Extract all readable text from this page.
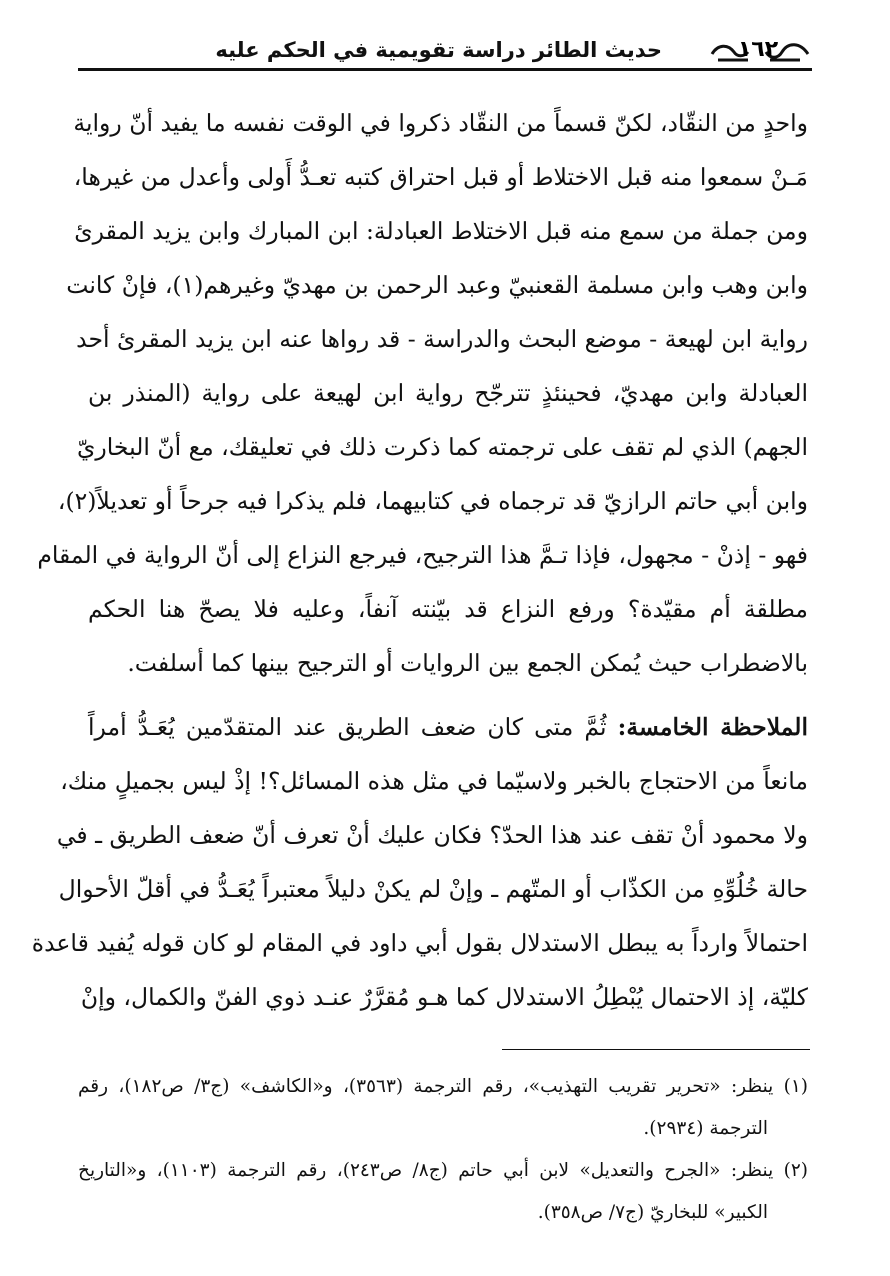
١٦٢
حديث الطائر دراسة تقويمية في الحكم عليه
واحدٍ من النقّاد، لكنّ قسماً من النقّاد ذكروا في الوقت نفسه ما يفيد أنّ رواية
مَـنْ سمعوا منه قبل الاختلاط أو قبل احتراق كتبه تعـدُّ أَولى وأعدل من غيرها،
ومن جملة من سمع منه قبل الاختلاط العبادلة: ابن المبارك وابن يزيد المقرئ
وابن وهب وابن مسلمة القعنبيّ وعبد الرحمن بن مهديّ وغيرهم(١)، فإنْ كانت
رواية ابن لهيعة - موضع البحث والدراسة - قد رواها عنه ابن يزيد المقرئ أحد
العبادلة وابن مهديّ، فحينئذٍ تترجّح رواية ابن لهيعة على رواية (المنذر بن
الجهم) الذي لم تقف على ترجمته كما ذكرت ذلك في تعليقك، مع أنّ البخاريّ
وابن أبي حاتم الرازيّ قد ترجماه في كتابيهما، فلم يذكرا فيه جرحاً أو تعديلاً(٢)،
فهو - إذنْ - مجهول، فإذا تـمَّ هذا الترجيح، فيرجع النزاع إلى أنّ الرواية في المقام
مطلقة أم مقيّدة؟ ورفع النزاع قد بيّنته آنفاً، وعليه فلا يصحّ هنا الحكم
بالاضطراب حيث يُمكن الجمع بين الروايات أو الترجيح بينها كما أسلفت.
الملاحظة الخامسة: ثُمَّ متى كان ضعف الطريق عند المتقدّمين يُعَـدُّ أمراً
مانعاً من الاحتجاج بالخبر ولاسيّما في مثل هذه المسائل؟! إذْ ليس بجميلٍ منك،
ولا محمود أنْ تقف عند هذا الحدّ؟ فكان عليك أنْ تعرف أنّ ضعف الطريق ـ في
حالة خُلُوِّهِ من الكذّاب أو المتّهم ـ وإنْ لم يكنْ دليلاً معتبراً يُعَـدُّ في أقلّ الأحوال
احتمالاً وارداً به يبطل الاستدلال بقول أبي داود في المقام لو كان قوله يُفيد قاعدة
كليّة، إذ الاحتمال يُبْطِلُ الاستدلال كما هـو مُقرَّرٌ عنـد ذوي الفنّ والكمال، وإنْ
(١) ينظر: «تحرير تقريب التهذيب»، رقم الترجمة (٣٥٦٣)، و«الكاشف» (ج٣/ ص١٨٢)، رقم
الترجمة (٢٩٣٤).
(٢) ينظر: «الجرح والتعديل» لابن أبي حاتم (ج٨/ ص٢٤٣)، رقم الترجمة (١١٠٣)، و«التاريخ
الكبير» للبخاريّ (ج٧/ ص٣٥٨).
